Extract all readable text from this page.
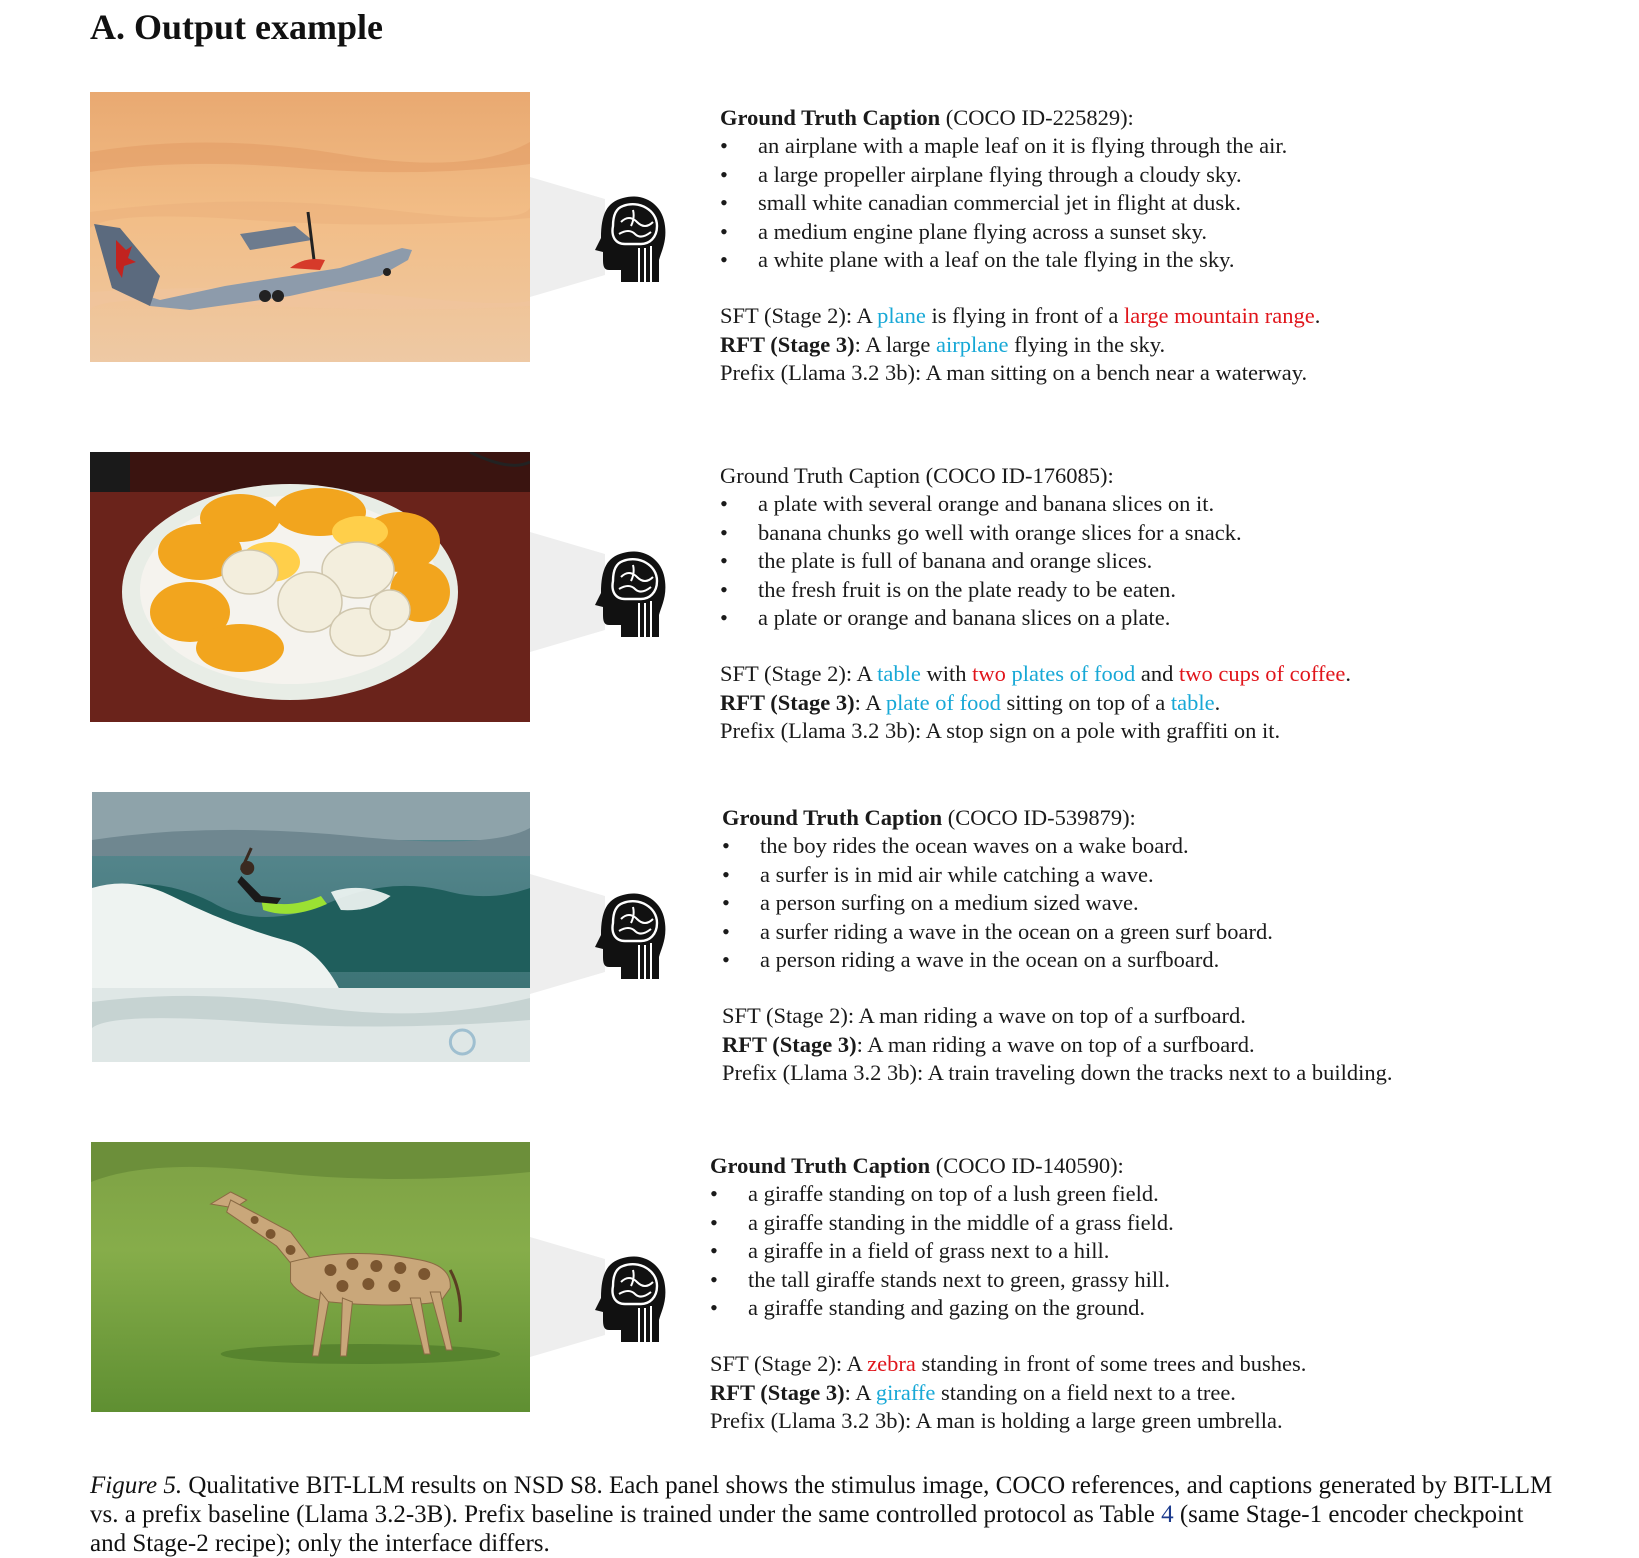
A. Output example
Ground Truth Caption (COCO ID-225829):
• an airplane with a maple leaf on it is flying through the air.
• a large propeller airplane flying through a cloudy sky.
• small white canadian commercial jet in flight at dusk.
• a medium engine plane flying across a sunset sky.
• a white plane with a leaf on the tale flying in the sky.
SFT (Stage 2): A plane is flying in front of a large mountain range.
RFT (Stage 3): A large airplane flying in the sky.
Prefix (Llama 3.2 3b): A man sitting on a bench near a waterway.
Ground Truth Caption (COCO ID-176085):
• a plate with several orange and banana slices on it.
• banana chunks go well with orange slices for a snack.
• the plate is full of banana and orange slices.
• the fresh fruit is on the plate ready to be eaten.
• a plate or orange and banana slices on a plate.
SFT (Stage 2): A table with two plates of food and two cups of coffee.
RFT (Stage 3): A plate of food sitting on top of a table.
Prefix (Llama 3.2 3b): A stop sign on a pole with graffiti on it.
Ground Truth Caption (COCO ID-539879):
• the boy rides the ocean waves on a wake board.
• a surfer is in mid air while catching a wave.
• a person surfing on a medium sized wave.
• a surfer riding a wave in the ocean on a green surf board.
• a person riding a wave in the ocean on a surfboard.
SFT (Stage 2): A man riding a wave on top of a surfboard.
RFT (Stage 3): A man riding a wave on top of a surfboard.
Prefix (Llama 3.2 3b): A train traveling down the tracks next to a building.
Ground Truth Caption (COCO ID-140590):
• a giraffe standing on top of a lush green field.
• a giraffe standing in the middle of a grass field.
• a giraffe in a field of grass next to a hill.
• the tall giraffe stands next to green, grassy hill.
• a giraffe standing and gazing on the ground.
SFT (Stage 2): A zebra standing in front of some trees and bushes.
RFT (Stage 3): A giraffe standing on a field next to a tree.
Prefix (Llama 3.2 3b): A man is holding a large green umbrella.
Figure 5. Qualitative BIT-LLM results on NSD S8. Each panel shows the stimulus image, COCO references, and captions generated by BIT-LLM vs. a prefix baseline (Llama 3.2-3B). Prefix baseline is trained under the same controlled protocol as Table 4 (same Stage-1 encoder checkpoint and Stage-2 recipe); only the interface differs.
